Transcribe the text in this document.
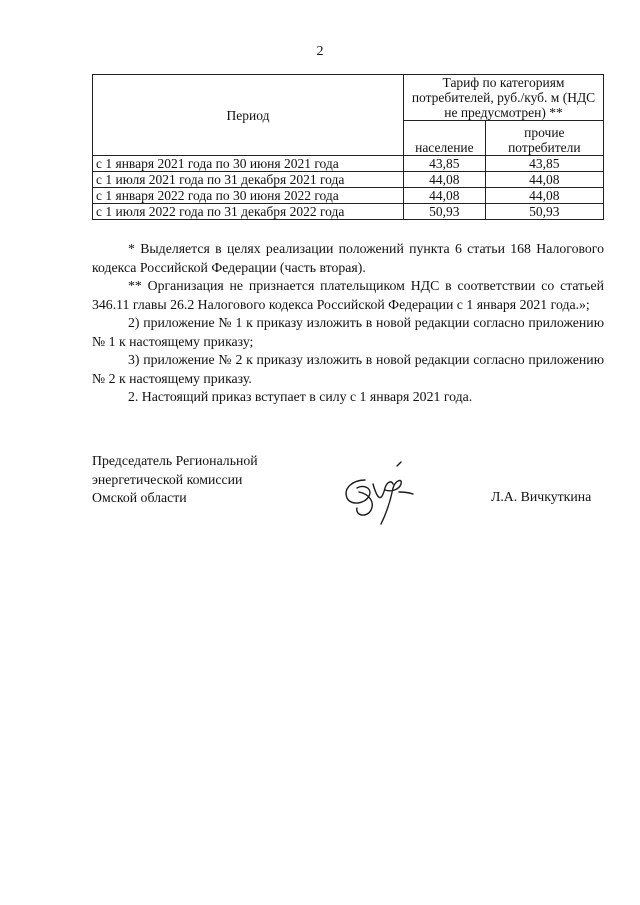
2
Период	Тариф по категориям потребителей, руб./куб. м (НДС не предусмотрен) **	
	население	прочие потребители
с 1 января 2021 года по 30 июня 2021 года	43,85	43,85
с 1 июля 2021 года по 31 декабря 2021 года	44,08	44,08
с 1 января 2022 года по 30 июня 2022 года	44,08	44,08
с 1 июля 2022 года по 31 декабря 2022 года	50,93	50,93

* Выделяется в целях реализации положений пункта 6 статьи 168 Налогового кодекса Российской Федерации (часть вторая).

** Организация не признается плательщиком НДС в соответствии со статьей 346.11 главы 26.2 Налогового кодекса Российской Федерации с 1 января 2021 года.»;

2) приложение № 1 к приказу изложить в новой редакции согласно приложению № 1 к настоящему приказу;

3) приложение № 2 к приказу изложить в новой редакции согласно приложению № 2 к настоящему приказу.

2. Настоящий приказ вступает в силу с 1 января 2021 года.

Председатель Региональной
энергетической комиссии
Омской области	Л.А. Вичкуткина
